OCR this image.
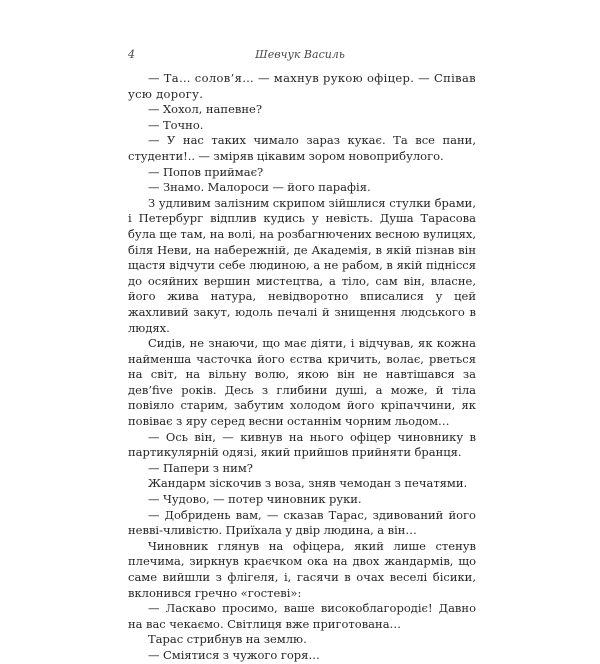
4	Шевчук Василь

— Та… солов’я… — махнув рукою офіцер. — Співав усю дорогу.

— Хохол, напевне?

— Точно.

— У нас таких чимало зараз кукає. Та все пани, студенти!.. — зміряв цікавим зором новоприбулого.

— Попов приймає?

— Знамо. Малороси — його парафія.

З удливим залізним скрипом зійшлися стулки брами, і Петербург відплив кудись у невість. Душа Тарасова була ще там, на волі, на розбагнючених весною вулицях, біля Неви, на набережній, де Академія, в якій пізнав він щастя відчути себе людиною, а не рабом, в якій піднісся до осяйних вершин мистецтва, а тіло, сам він, власне, його жива натура, невідворотно вписалися у цей жахливий закут, юдоль печалі й знищення людського в людях.

Сидів, не знаючи, що має діяти, і відчував, як кожна найменша часточка його єства кричить, волає, рветься на світ, на вільну волю, якою він не навтішався за дев’five років. Десь з глибини душі, а може, й тіла повіяло старим, забутим холодом його кріпаччини, як повіває з яру серед весни останнім чорним льодом…

— Ось він, — кивнув на нього офіцер чиновнику в партикулярній одязі, який прийшов прийняти бранця.

— Папери з ним?

Жандарм зіскочив з воза, зняв чемодан з печатями.

— Чудово, — потер чиновник руки.

— Добридень вам, — сказав Тарас, здивований його невві-чливістю. Приїхала у двір людина, а він…

Чиновник глянув на офіцера, який лише стенув плечима, зиркнув краєчком ока на двох жандармів, що саме вийшли з флігеля, і, гасячи в очах веселі бісики, вклонився гречно «гостеві»:

— Ласкаво просимо, ваше високоблагородіє! Давно на вас чекаємо. Світлиця вже приготована…

Тарас стрибнув на землю.

— Сміятися з чужого горя…
